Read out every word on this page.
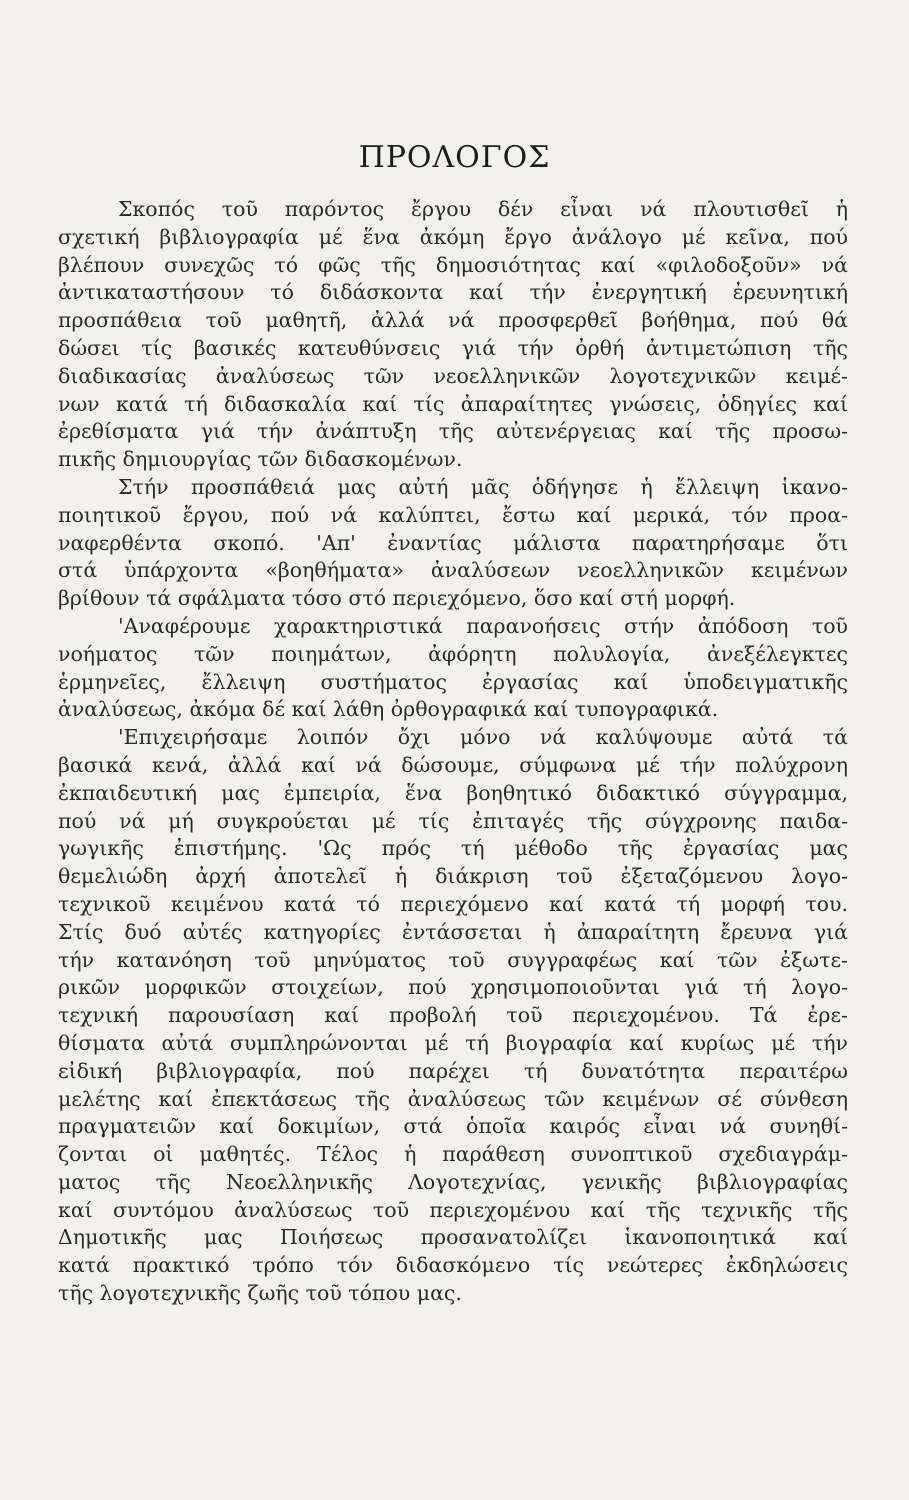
ΠΡΟΛΟΓΟΣ
Σκοπός τοῦ παρόντος ἔργου δέν εἶναι νά πλουτισθεῖ ἡ
σχετική βιβλιογραφία μέ ἕνα ἀκόμη ἔργο ἀνάλογο μέ κεῖνα, πού
βλέπουν συνεχῶς τό φῶς τῆς δημοσιότητας καί «φιλοδοξοῦν» νά
ἀντικαταστήσουν τό διδάσκοντα καί τήν ἐνεργητική ἐρευνητική
προσπάθεια τοῦ μαθητῆ, ἀλλά νά προσφερθεῖ βοήθημα, πού θά
δώσει τίς βασικές κατευθύνσεις γιά τήν ὀρθή ἀντιμετώπιση τῆς
διαδικασίας ἀναλύσεως τῶν νεοελληνικῶν λογοτεχνικῶν κειμέ-
νων κατά τή διδασκαλία καί τίς ἀπαραίτητες γνώσεις, ὁδηγίες καί
ἐρεθίσματα γιά τήν ἀνάπτυξη τῆς αὐτενέργειας καί τῆς προσω-
πικῆς δημιουργίας τῶν διδασκομένων.
Στήν προσπάθειά μας αὐτή μᾶς ὁδήγησε ἡ ἔλλειψη ἱκανο-
ποιητικοῦ ἔργου, πού νά καλύπτει, ἔστω καί μερικά, τόν προα-
ναφερθέντα σκοπό. 'Απ' ἐναντίας μάλιστα παρατηρήσαμε ὅτι
στά ὑπάρχοντα «βοηθήματα» ἀναλύσεων νεοελληνικῶν κειμένων
βρίθουν τά σφάλματα τόσο στό περιεχόμενο, ὅσο καί στή μορφή.
'Αναφέρουμε χαρακτηριστικά παρανοήσεις στήν ἀπόδοση τοῦ
νοήματος τῶν ποιημάτων, ἀφόρητη πολυλογία, ἀνεξέλεγκτες
ἑρμηνεῖες, ἔλλειψη συστήματος ἐργασίας καί ὑποδειγματικῆς
ἀναλύσεως, ἀκόμα δέ καί λάθη ὀρθογραφικά καί τυπογραφικά.
'Επιχειρήσαμε λοιπόν ὄχι μόνο νά καλύψουμε αὐτά τά
βασικά κενά, ἀλλά καί νά δώσουμε, σύμφωνα μέ τήν πολύχρονη
ἐκπαιδευτική μας ἐμπειρία, ἕνα βοηθητικό διδακτικό σύγγραμμα,
πού νά μή συγκρούεται μέ τίς ἐπιταγές τῆς σύγχρονης παιδα-
γωγικῆς ἐπιστήμης. 'Ως πρός τή μέθοδο τῆς ἐργασίας μας
θεμελιώδη ἀρχή ἀποτελεῖ ἡ διάκριση τοῦ ἐξεταζόμενου λογο-
τεχνικοῦ κειμένου κατά τό περιεχόμενο καί κατά τή μορφή του.
Στίς δυό αὐτές κατηγορίες ἐντάσσεται ἡ ἀπαραίτητη ἔρευνα γιά
τήν κατανόηση τοῦ μηνύματος τοῦ συγγραφέως καί τῶν ἐξωτε-
ρικῶν μορφικῶν στοιχείων, πού χρησιμοποιοῦνται γιά τή λογο-
τεχνική παρουσίαση καί προβολή τοῦ περιεχομένου. Τά ἐρε-
θίσματα αὐτά συμπληρώνονται μέ τή βιογραφία καί κυρίως μέ τήν
εἰδική βιβλιογραφία, πού παρέχει τή δυνατότητα περαιτέρω
μελέτης καί ἐπεκτάσεως τῆς ἀναλύσεως τῶν κειμένων σέ σύνθεση
πραγματειῶν καί δοκιμίων, στά ὁποῖα καιρός εἶναι νά συνηθί-
ζονται οἱ μαθητές. Τέλος ἡ παράθεση συνοπτικοῦ σχεδιαγράμ-
ματος τῆς Νεοελληνικῆς Λογοτεχνίας, γενικῆς βιβλιογραφίας
καί συντόμου ἀναλύσεως τοῦ περιεχομένου καί τῆς τεχνικῆς τῆς
Δημοτικῆς μας Ποιήσεως προσανατολίζει ἱκανοποιητικά καί
κατά πρακτικό τρόπο τόν διδασκόμενο τίς νεώτερες ἐκδηλώσεις
τῆς λογοτεχνικῆς ζωῆς τοῦ τόπου μας.
